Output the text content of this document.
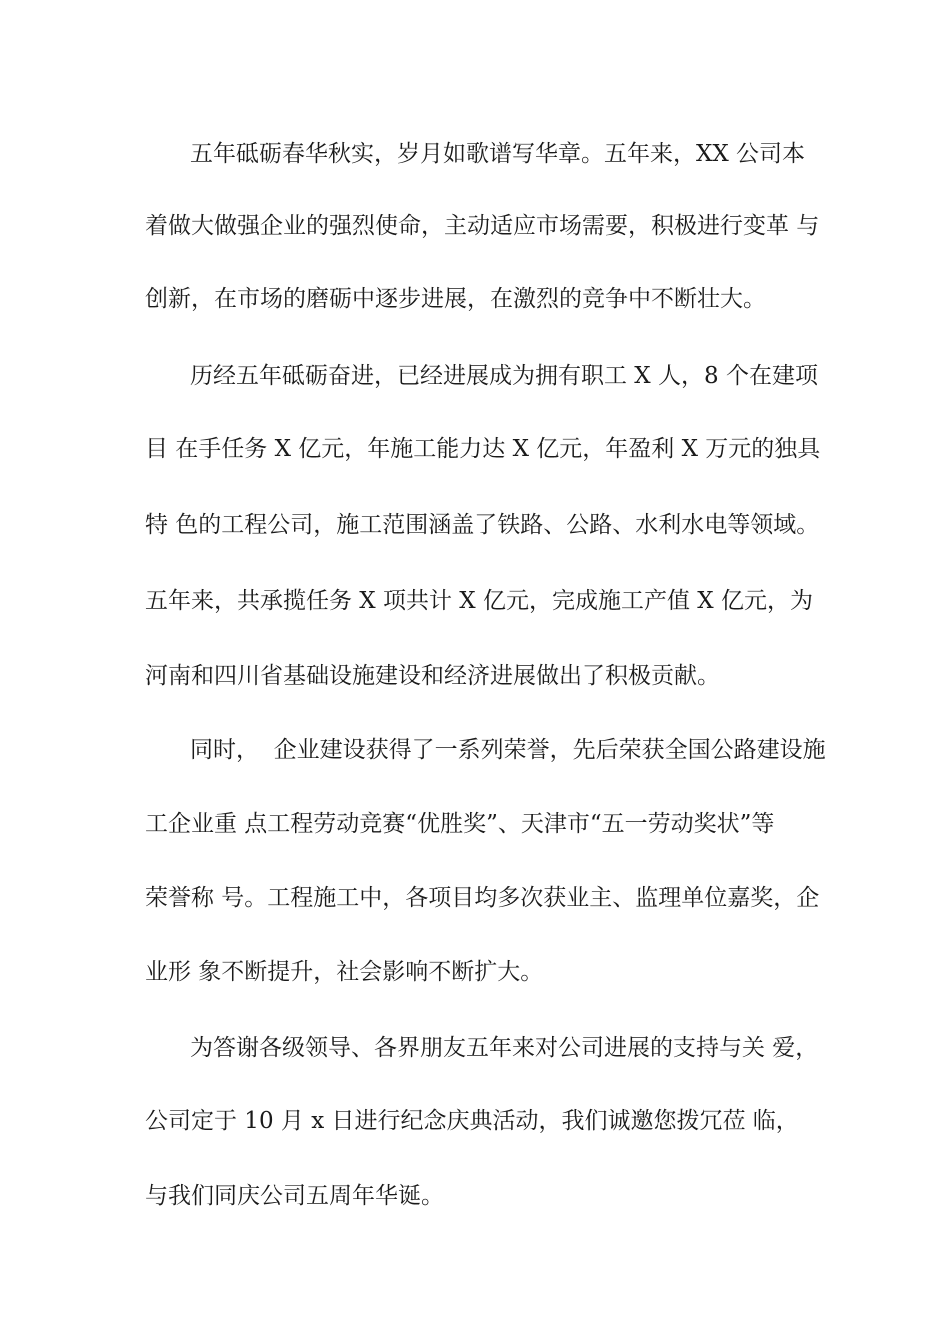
五年砥砺春华秋实，岁月如歌谱写华章。五年来，XX 公司本

着做大做强企业的强烈使命，主动适应市场需要，积极进行变革 与

创新，在市场的磨砺中逐步进展，在激烈的竞争中不断壮大。

历经五年砥砺奋进，已经进展成为拥有职工 X 人，8 个在建项

目 在手任务 X 亿元，年施工能力达 X 亿元，年盈利 X 万元的独具

特 色的工程公司，施工范围涵盖了铁路、公路、水利水电等领域。

五年来，共承揽任务 X 项共计 X 亿元，完成施工产值 X 亿元，为

河南和四川省基础设施建设和经济进展做出了积极贡献。

同时，  企业建设获得了一系列荣誉，先后荣获全国公路建设施

工企业重 点工程劳动竞赛“优胜奖”、天津市“五一劳动奖状”等

荣誉称 号。工程施工中，各项目均多次获业主、监理单位嘉奖，企

业形 象不断提升，社会影响不断扩大。

为答谢各级领导、各界朋友五年来对公司进展的支持与关 爱，

公司定于 10 月 x 日进行纪念庆典活动，我们诚邀您拨冗莅 临，

与我们同庆公司五周年华诞。
